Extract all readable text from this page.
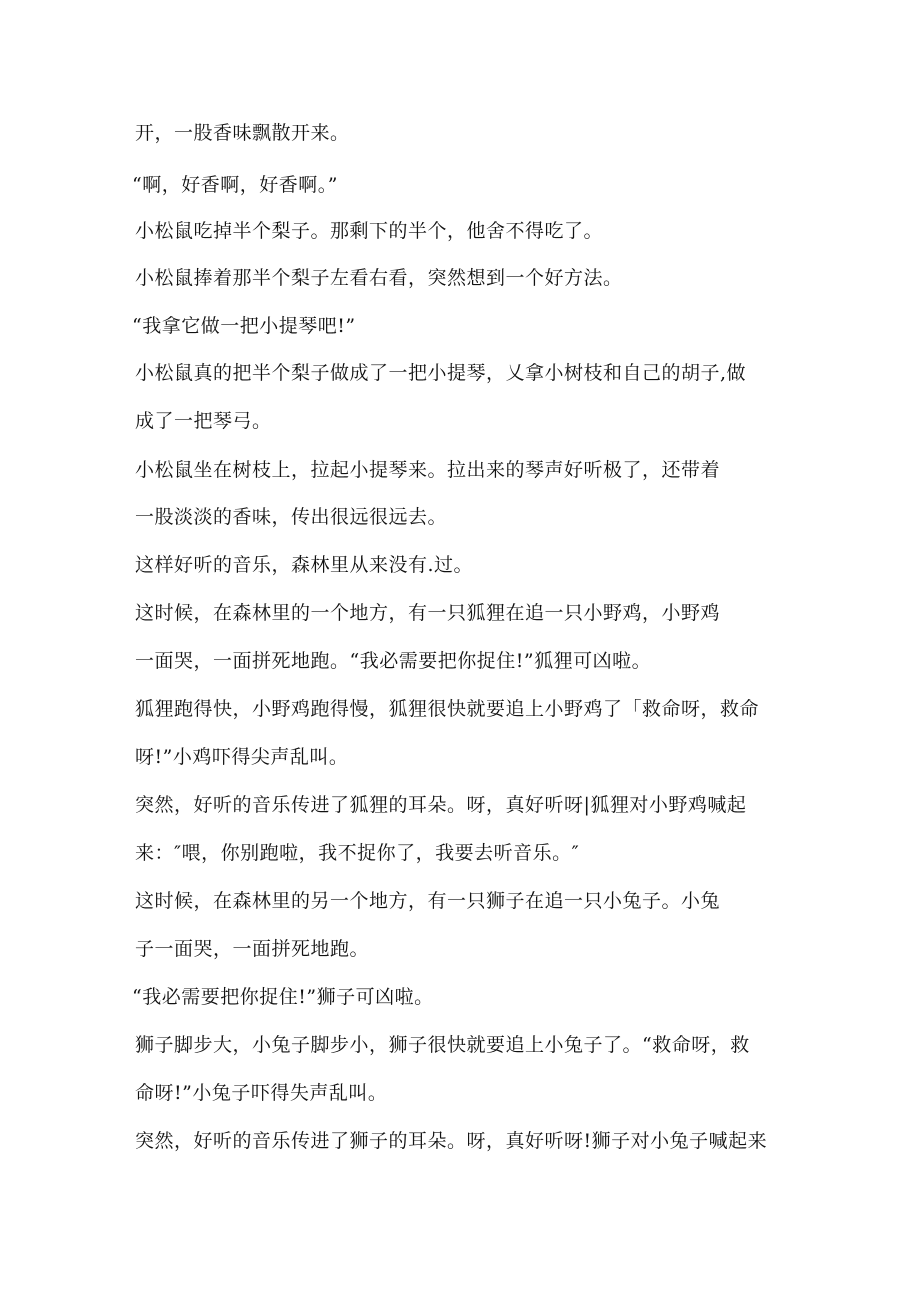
开，一股香味飘散开来。

“啊，好香啊，好香啊。”

小松鼠吃掉半个梨子。那剩下的半个，他舍不得吃了。

小松鼠捧着那半个梨子左看右看，突然想到一个好方法。

“我拿它做一把小提琴吧!”

小松鼠真的把半个梨子做成了一把小提琴，乂拿小树枝和自己的胡子,做

成了一把琴弓。

小松鼠坐在树枝上，拉起小提琴来。拉出来的琴声好听极了，还带着

一股淡淡的香味，传出很远很远去。

这样好听的音乐，森林里从来没有.过。

这时候，在森林里的一个地方，有一只狐狸在追一只小野鸡，小野鸡

一面哭，一面拼死地跑。“我必需要把你捉住!”狐狸可凶啦。

狐狸跑得快，小野鸡跑得慢，狐狸很快就要追上小野鸡了「救命呀，救命

呀!”小鸡吓得尖声乱叫。

突然，好听的音乐传进了狐狸的耳朵。呀，真好听呀|狐狸对小野鸡喊起

来：″喂，你别跑啦，我不捉你了，我要去听音乐。″

这时候，在森林里的另一个地方，有一只狮子在追一只小兔子。小兔

子一面哭，一面拼死地跑。

“我必需要把你捉住!”狮子可凶啦。

狮子脚步大，小兔子脚步小，狮子很快就要追上小兔子了。“救命呀，救

命呀!”小兔子吓得失声乱叫。

突然，好听的音乐传进了狮子的耳朵。呀，真好听呀!狮子对小兔子喊起来
